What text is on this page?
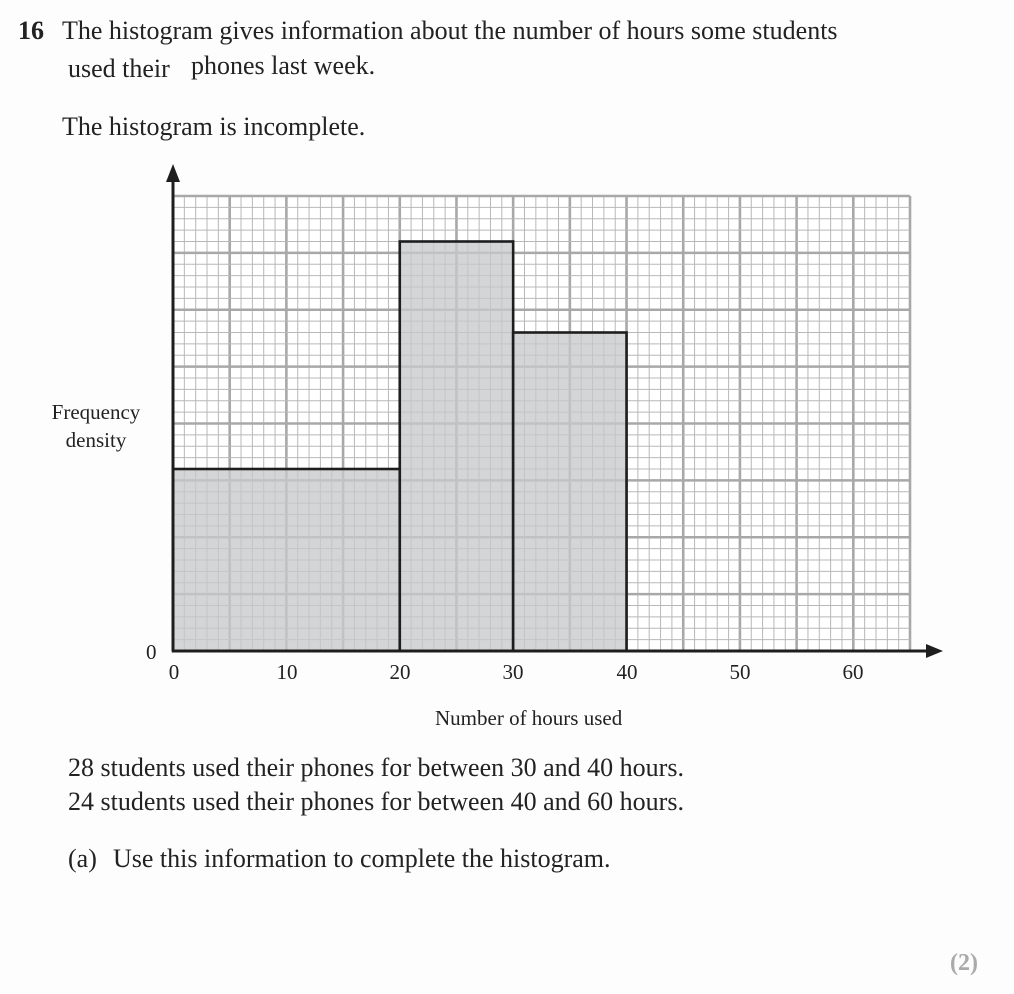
16 The histogram gives information about the number of hours some students
used their phones last week.
The histogram is incomplete.
Frequency density
0
0	10	20	30	40	50	60
Number of hours used
28 students used their phones for between 30 and 40 hours.
24 students used their phones for between 40 and 60 hours.
(a) Use this information to complete the histogram.
(2)
